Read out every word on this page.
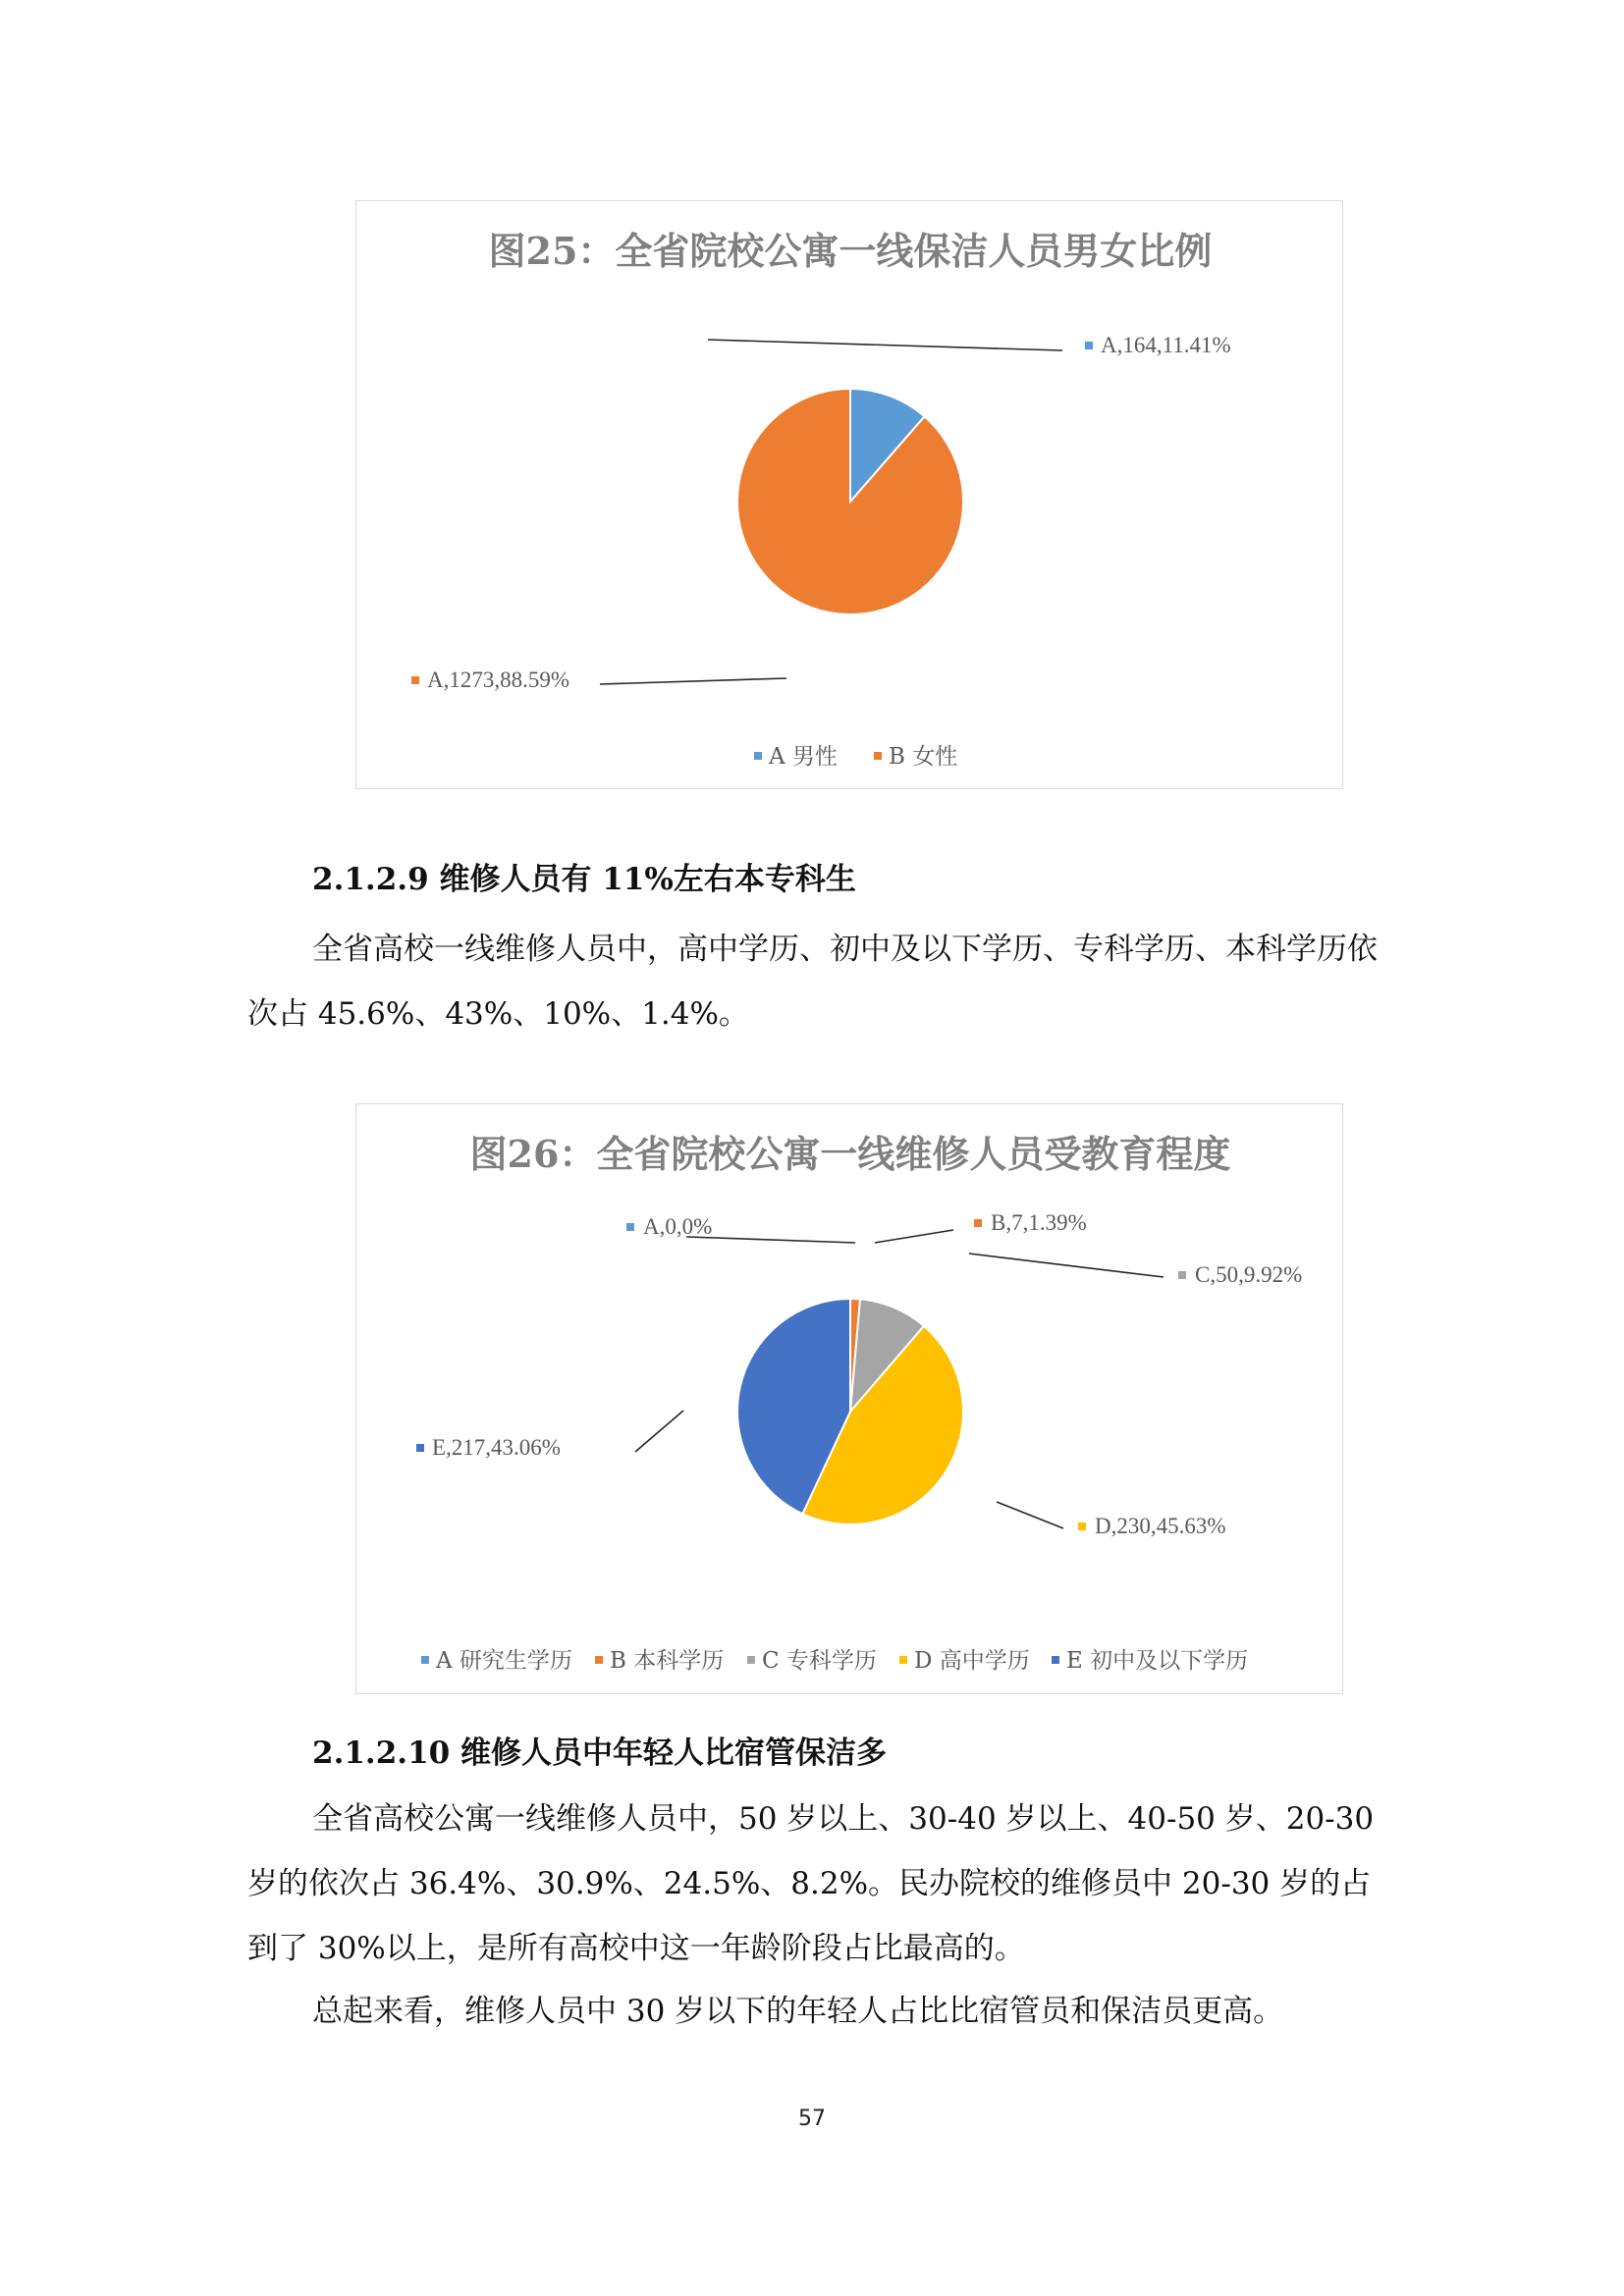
图25：全省院校公寓一线保洁人员男女比例
A,164,11.41%
A,1273,88.59%
A 男性 B 女性
2.1.2.9 维修人员有 11%左右本专科生

全省高校一线维修人员中，高中学历、初中及以下学历、专科学历、本科学历依次占 45.6%、43%、10%、1.4%。

图26：全省院校公寓一线维修人员受教育程度
A,0,0%	B,7,1.39%
C,50,9.92%
D,230,45.63%
E,217,43.06%
A 研究生学历 B 本科学历 C 专科学历 D 高中学历 E 初中及以下学历
2.1.2.10 维修人员中年轻人比宿管保洁多

全省高校公寓一线维修人员中，50 岁以上、30-40 岁以上、40-50 岁、20-30 岁的依次占 36.4%、30.9%、24.5%、8.2%。民办院校的维修员中 20-30 岁的占到了 30%以上，是所有高校中这一年龄阶段占比最高的。

总起来看，维修人员中 30 岁以下的年轻人占比比宿管员和保洁员更高。

57
